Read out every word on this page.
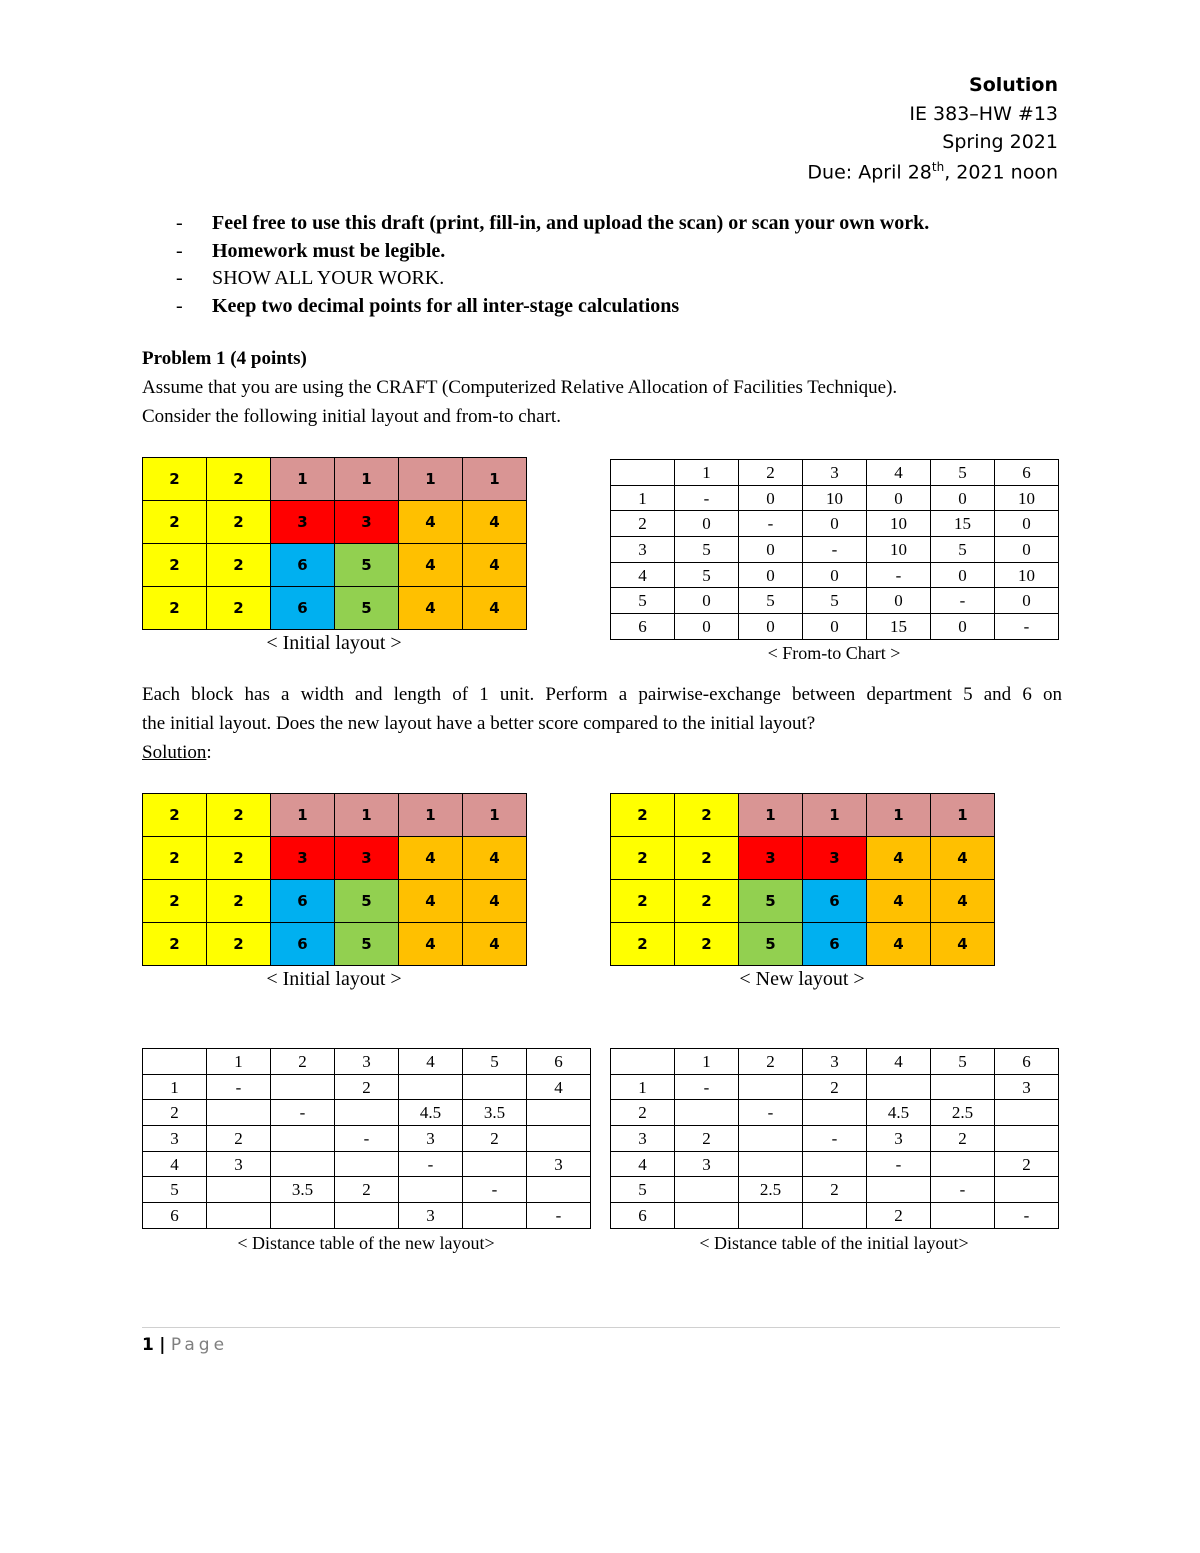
Solution
IE 383–HW #13
Spring 2021
Due: April 28th, 2021 noon
- Feel free to use this draft (print, fill-in, and upload the scan) or scan your own work.
- Homework must be legible.
- SHOW ALL YOUR WORK.
- Keep two decimal points for all inter-stage calculations
Problem 1 (4 points)
Assume that you are using the CRAFT (Computerized Relative Allocation of Facilities Technique).
Consider the following initial layout and from-to chart.
2	2	1	1	1	1
2	2	3	3	4	4
2	2	6	5	4	4
2	2	6	5	4	4
< Initial layout >
	1	2	3	4	5	6
1	-	0	10	0	0	10
2	0	-	0	10	15	0
3	5	0	-	10	5	0
4	5	0	0	-	0	10
5	0	5	5	0	-	0
6	0	0	0	15	0	-
< From-to Chart >
Each block has a width and length of 1 unit. Perform a pairwise-exchange between department 5 and 6 on
the initial layout. Does the new layout have a better score compared to the initial layout?
Solution:
2	2	1	1	1	1
2	2	3	3	4	4
2	2	6	5	4	4
2	2	6	5	4	4
< Initial layout >
2	2	1	1	1	1
2	2	3	3	4	4
2	2	5	6	4	4
2	2	5	6	4	4
< New layout >
	1	2	3	4	5	6
1	-		2			4
2		-		4.5	3.5	
3	2		-	3	2	
4	3			-		3
5		3.5	2		-	
6				3		-
< Distance table of the new layout>
	1	2	3	4	5	6
1	-		2			3
2		-		4.5	2.5	
3	2		-	3	2	
4	3			-		2
5		2.5	2		-	
6				2		-
< Distance table of the initial layout>
1 | Page
